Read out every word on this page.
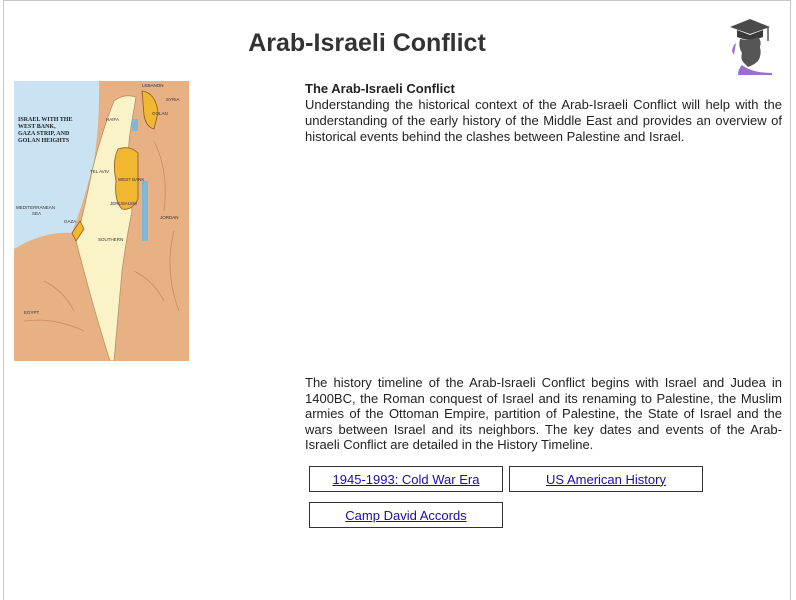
Arab-Israeli Conflict
ISRAEL WITH THE
WEST BANK,
GAZA STRIP, AND
GOLAN HEIGHTS
LEBANON
SYRIA
GOLAN
WEST BANK
GAZA
JORDAN
EGYPT
MEDITERRANEAN
SEA
HAIFA
TEL AVIV
JERUSALEM
SOUTHERN
The Arab-Israeli Conflict
Understanding the historical context of the Arab-Israeli Conflict will help with the understanding of the early history of the Middle East and provides an overview of historical events behind the clashes between Palestine and Israel.
The history timeline of the Arab-Israeli Conflict begins with Israel and Judea in 1400BC, the Roman conquest of Israel and its renaming to Palestine, the Muslim armies of the Ottoman Empire, partition of Palestine, the State of Israel and the wars between Israel and its neighbors. The key dates and events of the Arab-Israeli Conflict are detailed in the History Timeline.
1945-1993: Cold War Era	US American History
Camp David Accords
